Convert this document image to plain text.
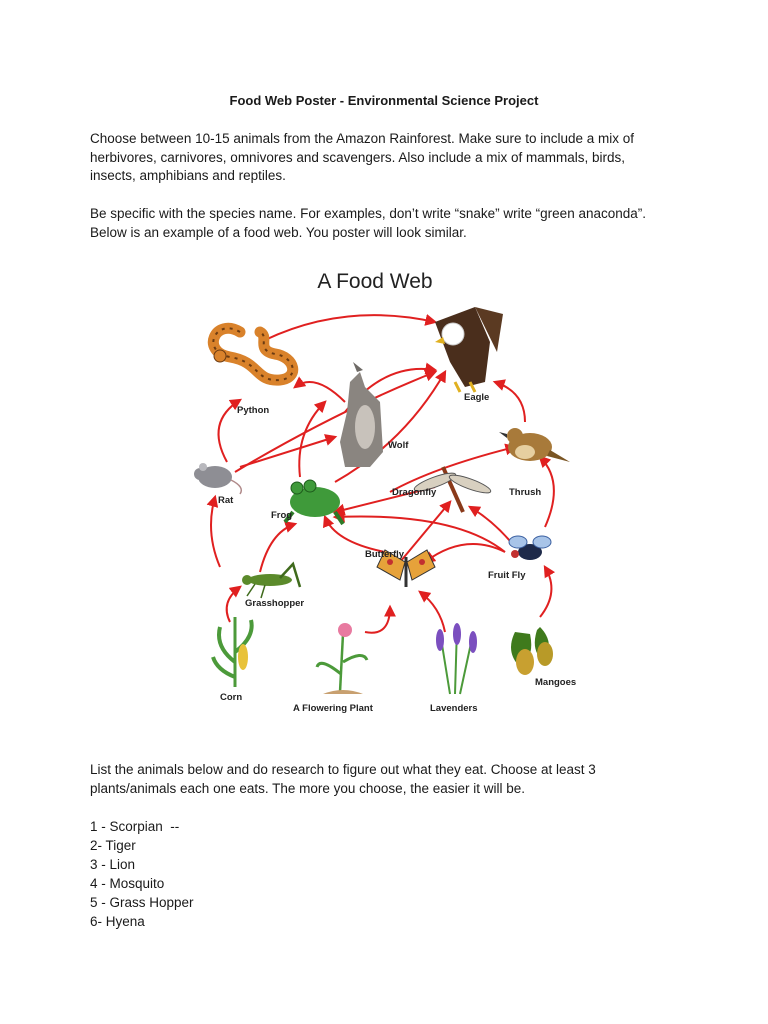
Food Web Poster - Environmental Science Project
Choose between 10-15 animals from the Amazon Rainforest. Make sure to include a mix of
herbivores, carnivores, omnivores and scavengers. Also include a mix of mammals, birds,
insects, amphibians and reptiles.
Be specific with the species name. For examples, don’t write “snake” write “green anaconda”.
Below is an example of a food web. You poster will look similar.
A Food Web
Python
Eagle
Wolf
Thrush
Rat
Frog
Dragonfly
Butterfly
Fruit Fly
Grasshopper
Corn
A Flowering Plant	Lavenders
Mangoes
List the animals below and do research to figure out what they eat. Choose at least 3
plants/animals each one eats. The more you choose, the easier it will be.
1 - Scorpian  --
2- Tiger
3 - Lion
4 - Mosquito
5 - Grass Hopper
6- Hyena
